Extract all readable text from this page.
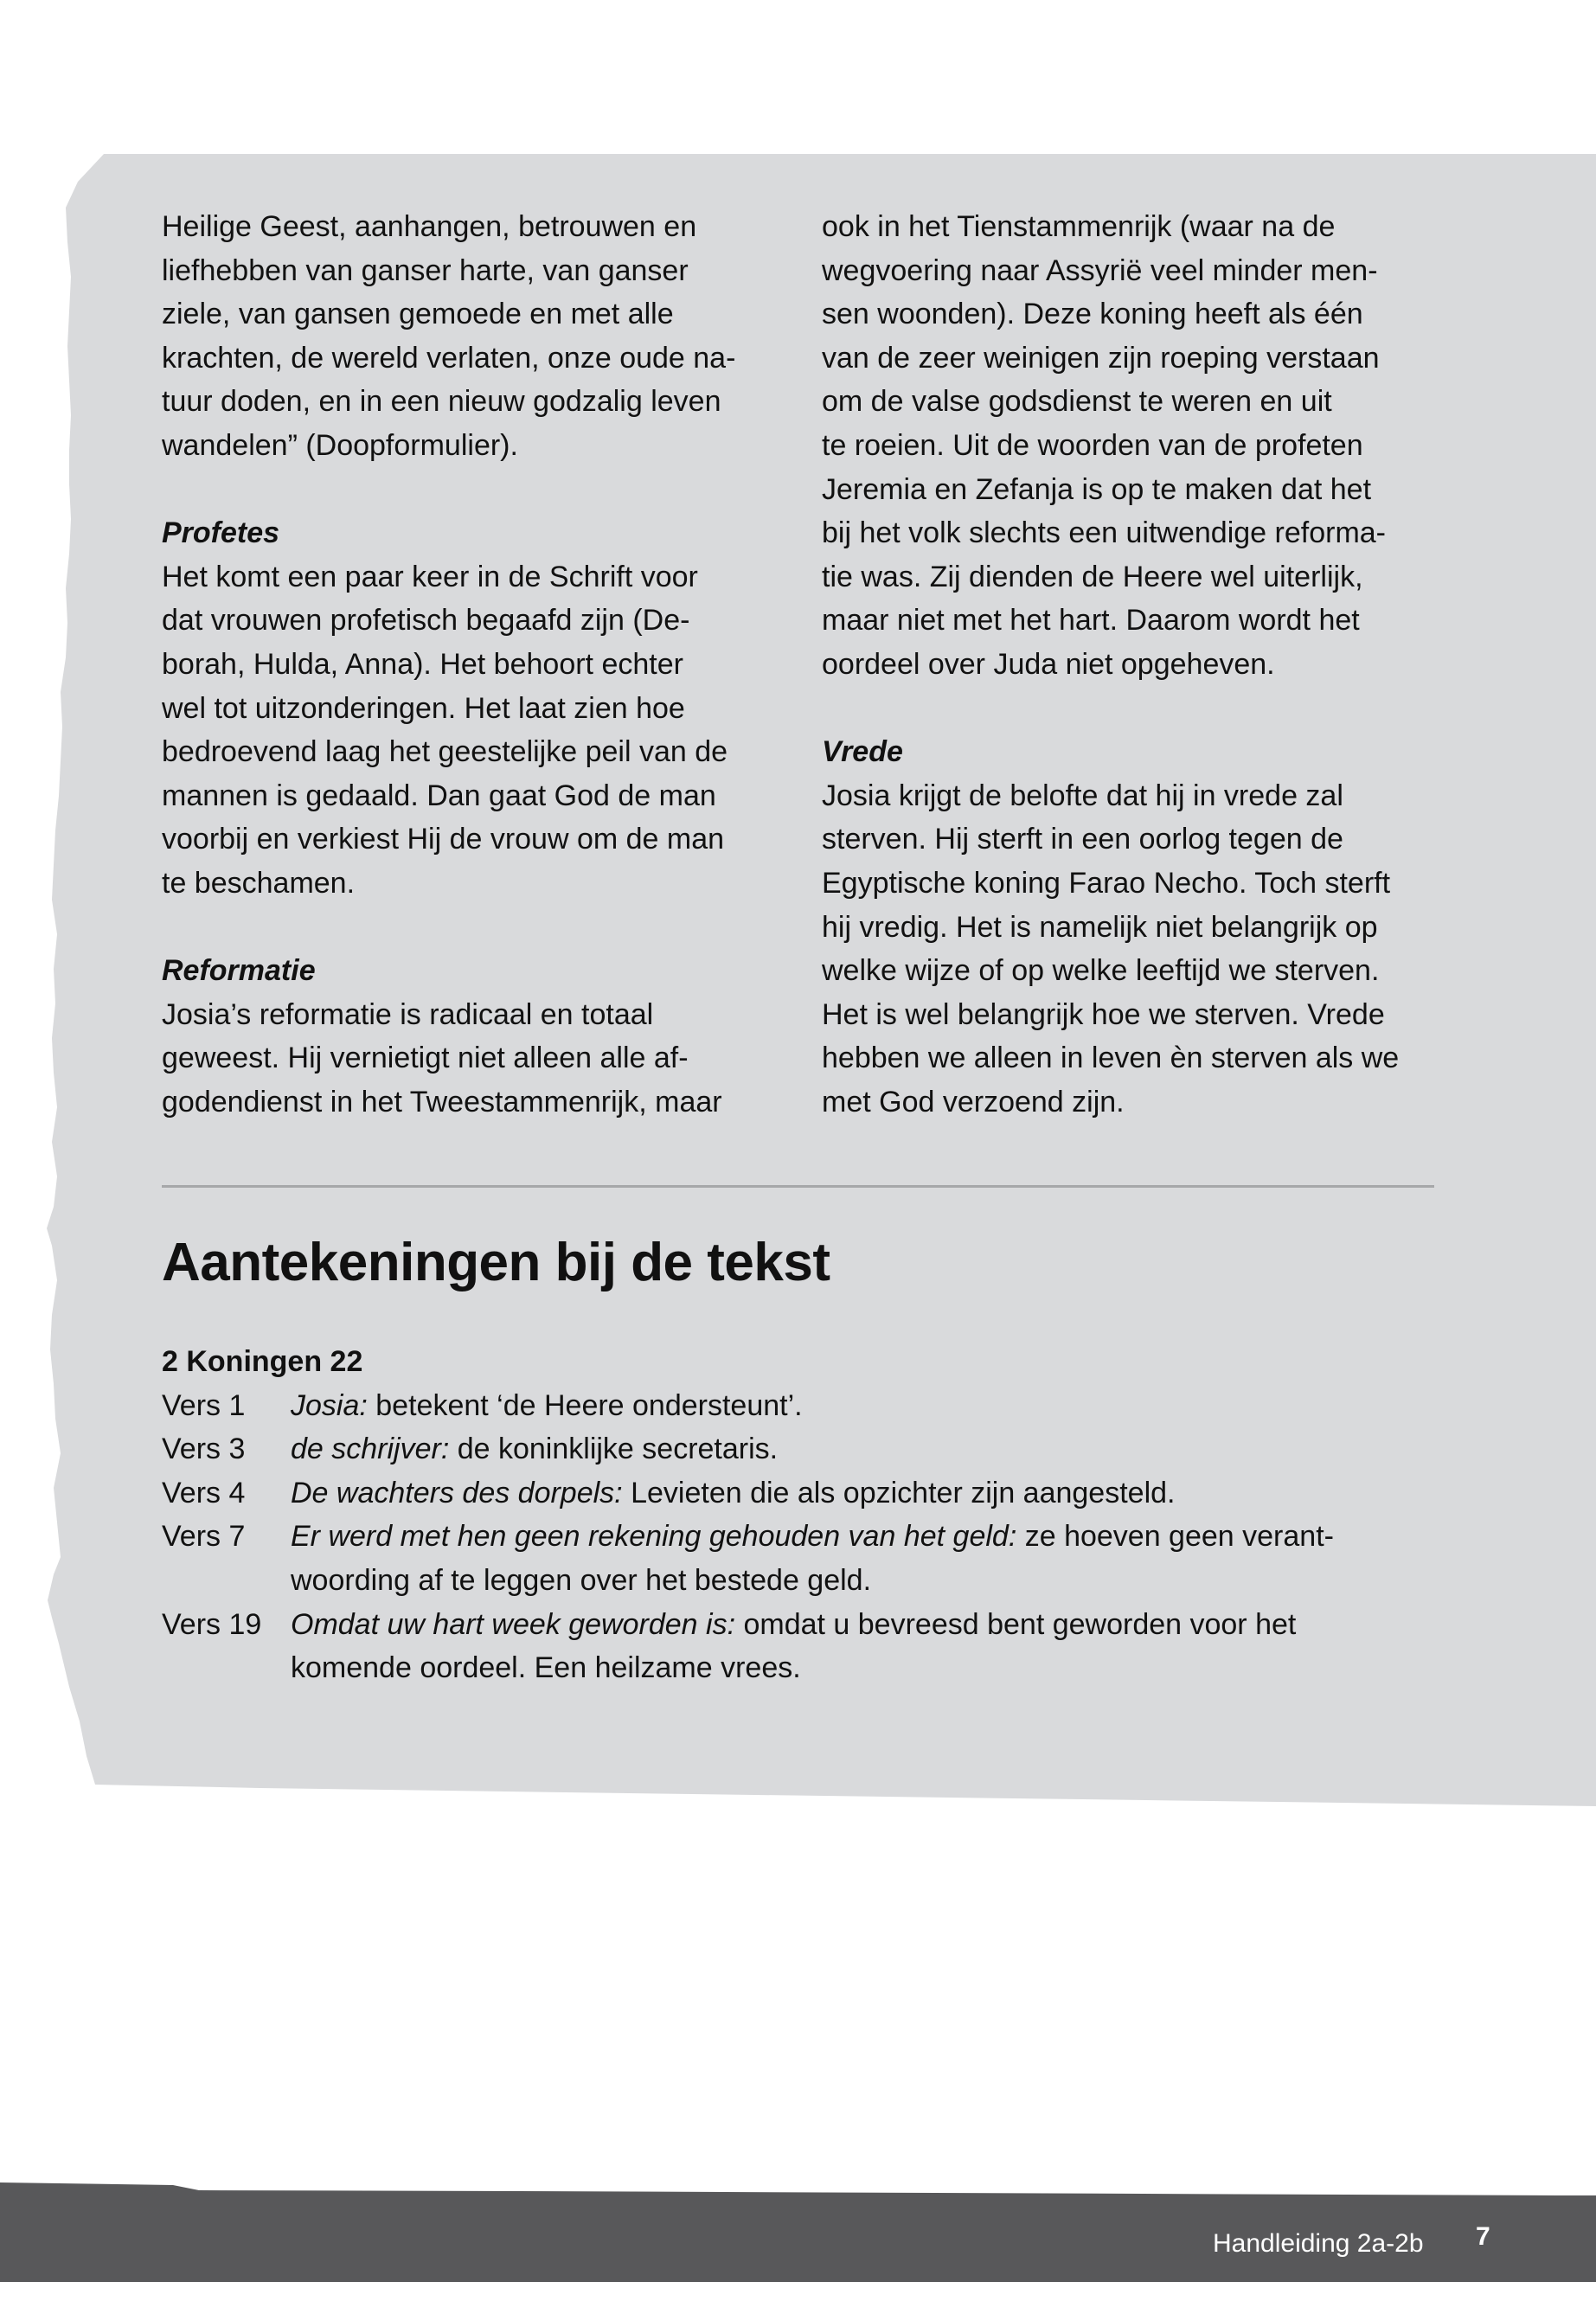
Heilige Geest, aanhangen, betrouwen en

liefhebben van ganser harte, van ganser

ziele, van gansen gemoede en met alle

krachten, de wereld verlaten, onze oude na-

tuur doden, en in een nieuw godzalig leven

wandelen” (Doopformulier).

Profetes

Het komt een paar keer in de Schrift voor

dat vrouwen profetisch begaafd zijn (De-

borah, Hulda, Anna). Het behoort echter

wel tot uitzonderingen. Het laat zien hoe

bedroevend laag het geestelijke peil van de

mannen is gedaald. Dan gaat God de man

voorbij en verkiest Hij de vrouw om de man

te beschamen.

Reformatie

Josia’s reformatie is radicaal en totaal

geweest. Hij vernietigt niet alleen alle af-

godendienst in het Tweestammenrijk, maar

ook in het Tienstammenrijk (waar na de

wegvoering naar Assyrië veel minder men-

sen woonden). Deze koning heeft als één

van de zeer weinigen zijn roeping verstaan

om de valse godsdienst te weren en uit

te roeien. Uit de woorden van de profeten

Jeremia en Zefanja is op te maken dat het

bij het volk slechts een uitwendige reforma-

tie was. Zij dienden de Heere wel uiterlijk,

maar niet met het hart. Daarom wordt het

oordeel over Juda niet opgeheven.

Vrede

Josia krijgt de belofte dat hij in vrede zal

sterven. Hij sterft in een oorlog tegen de

Egyptische koning Farao Necho. Toch sterft

hij vredig. Het is namelijk niet belangrijk op

welke wijze of op welke leeftijd we sterven.

Het is wel belangrijk hoe we sterven. Vrede

hebben we alleen in leven èn sterven als we

met God verzoend zijn.

Aantekeningen bij de tekst

2 Koningen 22

Vers 1	Josia: betekent ‘de Heere ondersteunt’.

Vers 3	de schrijver: de koninklijke secretaris.

Vers 4	De wachters des dorpels: Levieten die als opzichter zijn aangesteld.

Vers 7	Er werd met hen geen rekening gehouden van het geld: ze hoeven geen verant-

woording af te leggen over het bestede geld.

Vers 19 Omdat uw hart week geworden is: omdat u bevreesd bent geworden voor het

komende oordeel. Een heilzame vrees.

Handleiding 2a-2b 7
